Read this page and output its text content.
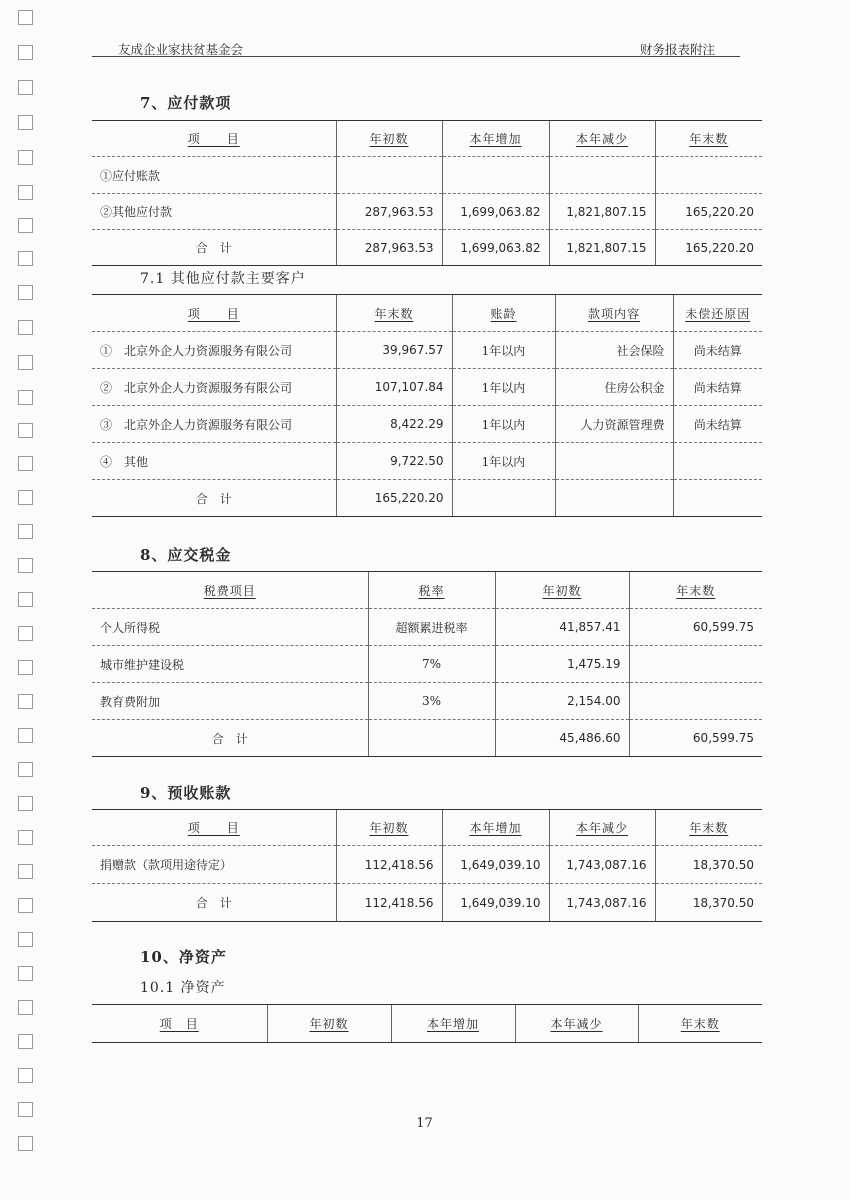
友成企业家扶贫基金会	财务报表附注
7、应付款项
项　　目	年初数	本年增加	本年减少	年末数
①应付账款				
②其他应付款	287,963.53	1,699,063.82	1,821,807.15	165,220.20
合　计	287,963.53	1,699,063.82	1,821,807.15	165,220.20
7.1 其他应付款主要客户
项　　目	年末数	账龄	款项内容	未偿还原因
①　北京外企人力资源服务有限公司	39,967.57	1年以内	社会保险	尚未结算
②　北京外企人力资源服务有限公司	107,107.84	1年以内	住房公积金	尚未结算
③　北京外企人力资源服务有限公司	8,422.29	1年以内	人力资源管理费	尚未结算
④　其他	9,722.50	1年以内		
合　计	165,220.20			
8、应交税金
税费项目	税率	年初数	年末数
个人所得税	超额累进税率	41,857.41	60,599.75
城市维护建设税	7%	1,475.19	
教育费附加	3%	2,154.00	
合　计		45,486.60	60,599.75
9、预收账款
项　　目	年初数	本年增加	本年减少	年末数
捐赠款（款项用途待定）	112,418.56	1,649,039.10	1,743,087.16	18,370.50
合　计	112,418.56	1,649,039.10	1,743,087.16	18,370.50
10、净资产
10.1 净资产
项　目	年初数	本年增加	本年减少	年末数
17
